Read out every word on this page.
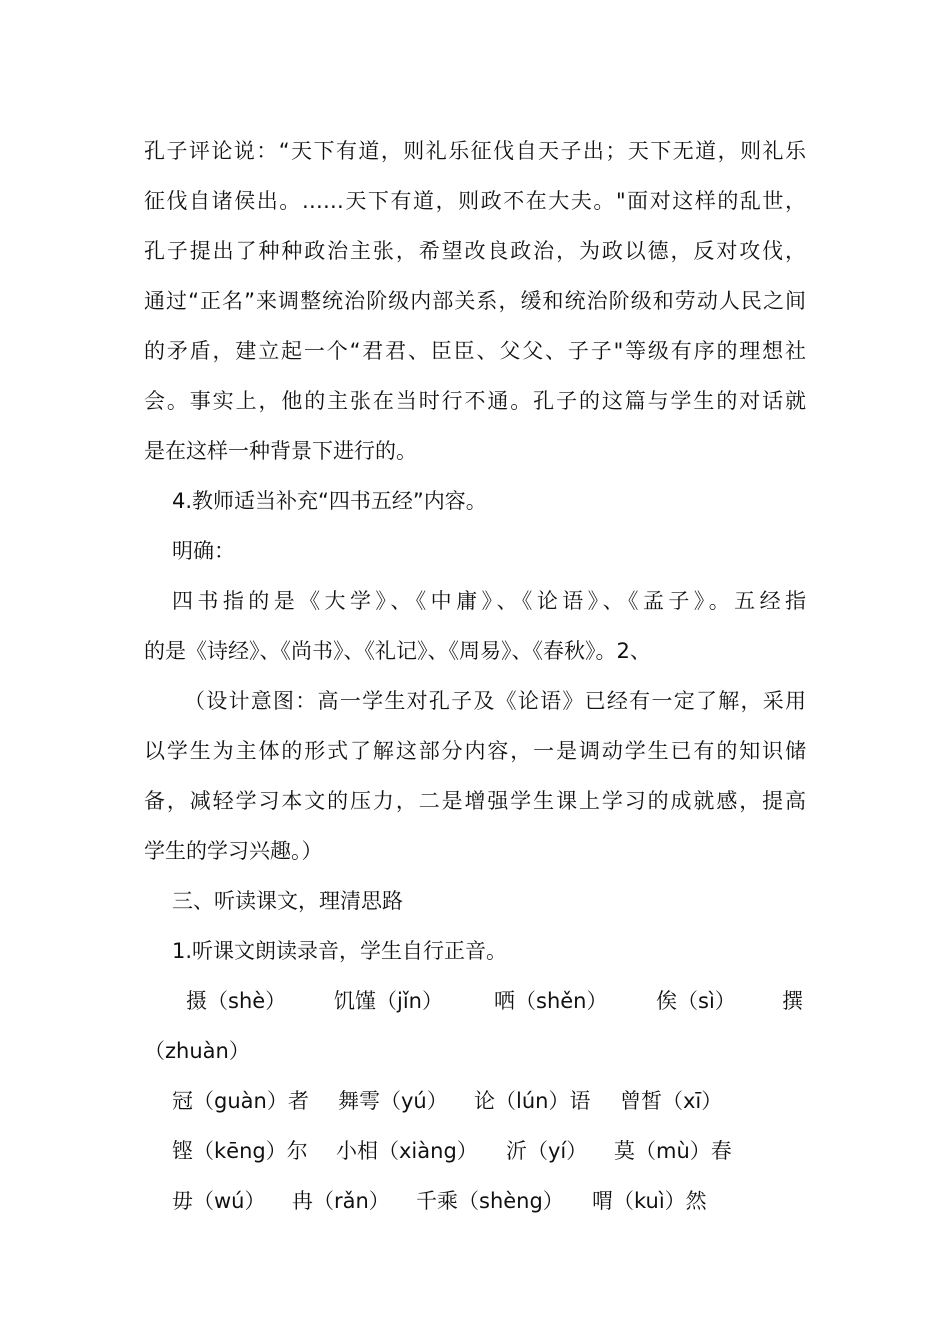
孔子评论说：“天下有道，则礼乐征伐自天子出；天下无道，则礼乐
征伐自诸侯出。……天下有道，则政不在大夫。"面对这样的乱世，
孔子提出了种种政治主张，希望改良政治，为政以德，反对攻伐，
通过“正名”来调整统治阶级内部关系，缓和统治阶级和劳动人民之间
的矛盾，建立起一个“君君、臣臣、父父、子子"等级有序的理想社
会。事实上，他的主张在当时行不通。孔子的这篇与学生的对话就
是在这样一种背景下进行的。
4.教师适当补充“四书五经”内容。
明确：
四书指的是《大学》、《中庸》、《论语》、《孟子》。五经指
的是《诗经》、《尚书》、《礼记》、《周易》、《春秋》。2、
（设计意图：高一学生对孔子及《论语》已经有一定了解，采用
以学生为主体的形式了解这部分内容，一是调动学生已有的知识储
备，减轻学习本文的压力，二是增强学生课上学习的成就感，提高
学生的学习兴趣。）
三、听读课文，理清思路
1.听课文朗读录音，学生自行正音。
摄（shè） 饥馑（jǐn） 哂（shěn） 俟（sì） 撰
（zhuàn）
冠（guàn）者 舞雩（yú） 论（lún）语 曾皙（xī）
铿（kēng）尔 小相（xiàng） 沂（yí） 莫（mù）春
毋（wú） 冉（rǎn） 千乘（shèng） 喟（kuì）然
